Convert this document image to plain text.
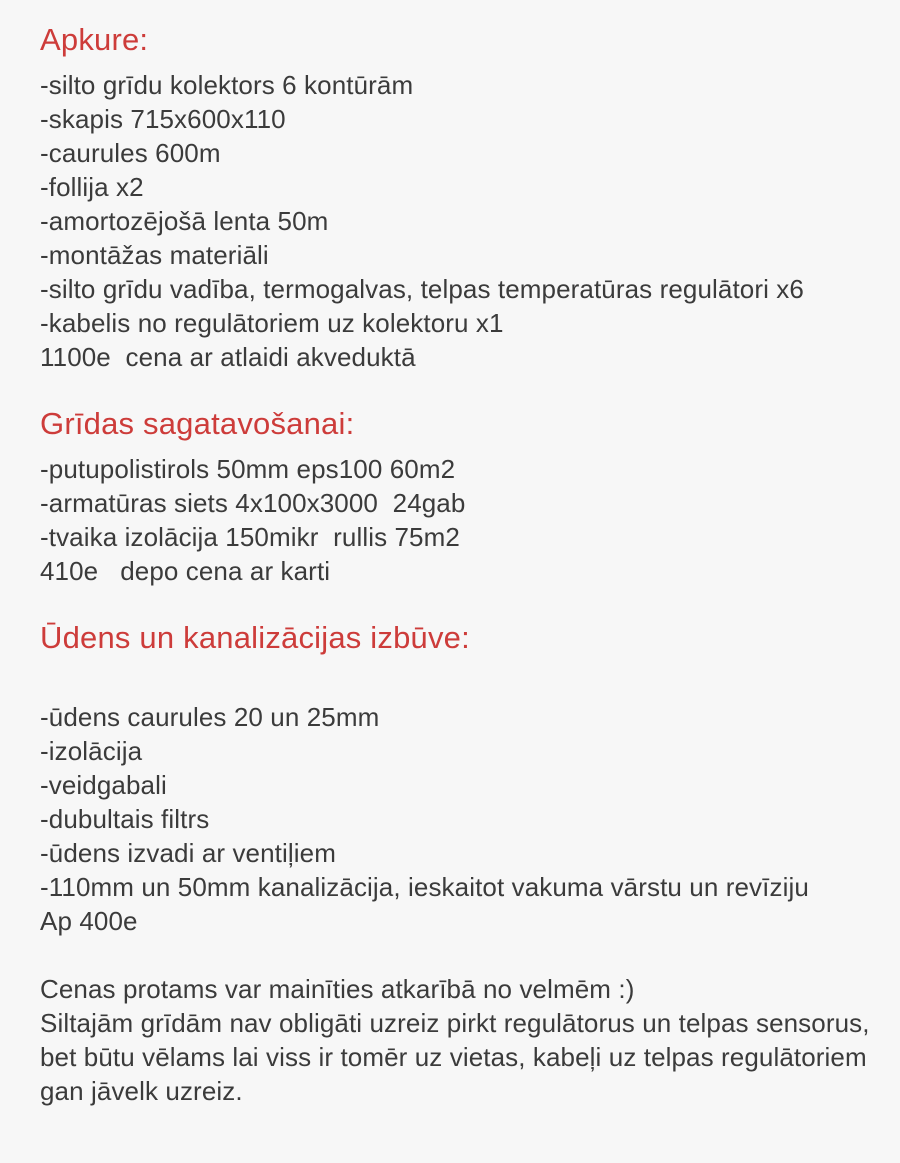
Apkure:
-silto grīdu kolektors 6 kontūrām
-skapis 715x600x110
-caurules 600m
-follija x2
-amortozējošā lenta 50m
-montāžas materiāli
-silto grīdu vadība, termogalvas, telpas temperatūras regulātori x6
-kabelis no regulātoriem uz kolektoru x1
1100e  cena ar atlaidi akveduktā
Grīdas sagatavošanai:
-putupolistirols 50mm eps100 60m2
-armatūras siets 4x100x3000  24gab
-tvaika izolācija 150mikr  rullis 75m2
410e   depo cena ar karti
Ūdens un kanalizācijas izbūve:
-ūdens caurules 20 un 25mm
-izolācija
-veidgabali
-dubultais filtrs
-ūdens izvadi ar ventiļiem
-110mm un 50mm kanalizācija, ieskaitot vakuma vārstu un revīziju
Ap 400e
Cenas protams var mainīties atkarībā no velmēm :)
Siltajām grīdām nav obligāti uzreiz pirkt regulātorus un telpas sensorus,
bet būtu vēlams lai viss ir tomēr uz vietas, kabeļi uz telpas regulātoriem
gan jāvelk uzreiz.
